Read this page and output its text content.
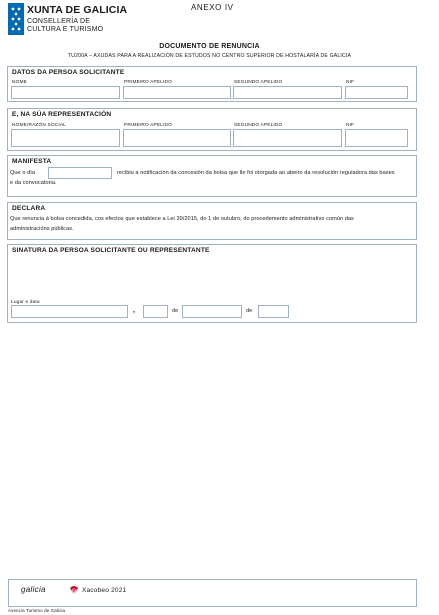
XUNTA DE GALICIA
CONSELLERÍA DE
CULTURA E TURISMO
ANEXO IV
DOCUMENTO DE RENUNCIA
TU200A – AXUDAS PARA A REALIZACIÓN DE ESTUDOS NO CENTRO SUPERIOR DE HOSTALARÍA DE GALICIA
DATOS DA PERSOA SOLICITANTE
NOME	PRIMEIRO APELIDO	SEGUNDO APELIDO	NIF
E, NA SÚA REPRESENTACIÓN
NOME/RAZÓN SOCIAL	PRIMEIRO APELIDO	SEGUNDO APELIDO	NIF
MANIFESTA
Que o día	recibiu a notificación da concesión da bolsa que lle foi otorgada ao abeiro da resolución reguladora das bases
e da convocatoria.
DECLARA
Que renuncia á bolsa concedida, cos efectos que establece a Lei 39/2015, do 1 de outubro, do procedemento administrativo común das
administracións públicas.
SINATURA DA PERSOA SOLICITANTE OU REPRESENTANTE
Lugar e data
,	de	de
galicia	Xacobeo 2021
Axencia Turismo de Galicia
